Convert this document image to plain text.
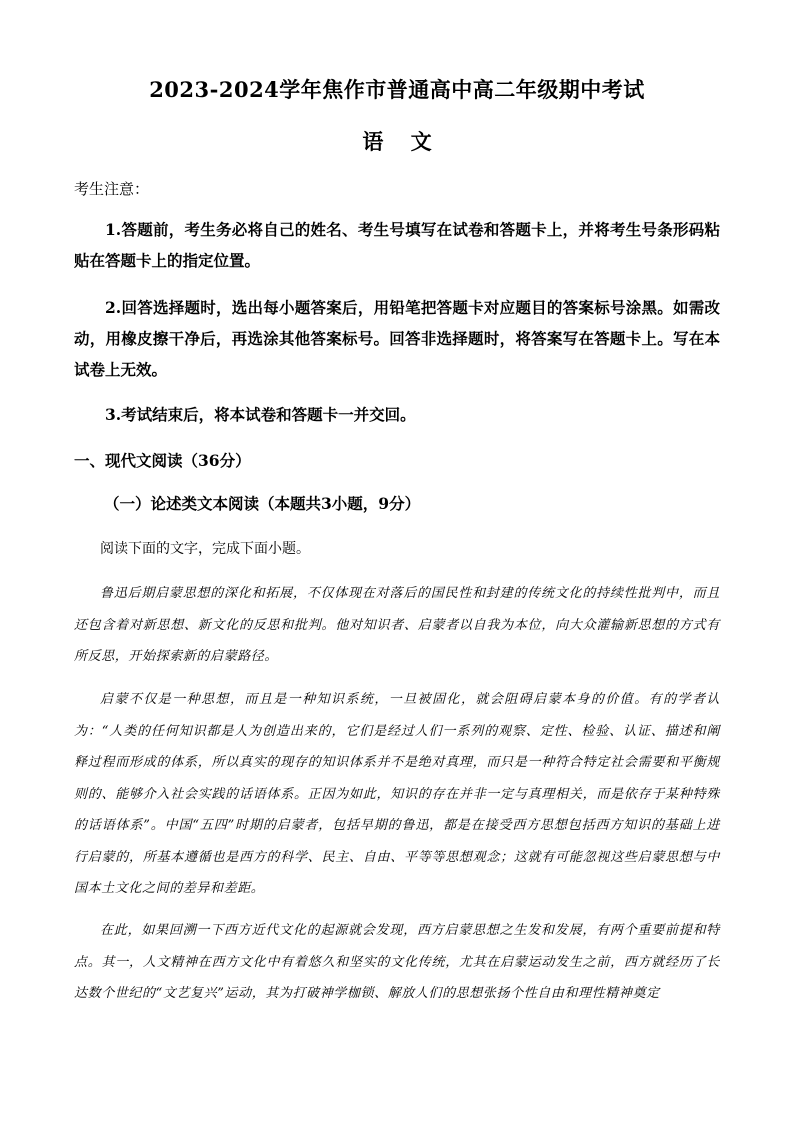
2023-2024学年焦作市普通高中高二年级期中考试
语 文
考生注意：

1.答题前，考生务必将自己的姓名、考生号填写在试卷和答题卡上，并将考生号条形码粘贴在答题卡上的指定位置。

2.回答选择题时，选出每小题答案后，用铅笔把答题卡对应题目的答案标号涂黑。如需改动，用橡皮擦干净后，再选涂其他答案标号。回答非选择题时，将答案写在答题卡上。写在本试卷上无效。

3.考试结束后，将本试卷和答题卡一并交回。

一、现代文阅读（36分）
（一）论述类文本阅读（本题共3小题，9分）
阅读下面的文字，完成下面小题。

鲁迅后期启蒙思想的深化和拓展，不仅体现在对落后的国民性和封建的传统文化的持续性批判中，而且还包含着对新思想、新文化的反思和批判。他对知识者、启蒙者以自我为本位，向大众灌输新思想的方式有所反思，开始探索新的启蒙路径。

启蒙不仅是一种思想，而且是一种知识系统，一旦被固化，就会阻碍启蒙本身的价值。有的学者认为：“人类的任何知识都是人为创造出来的，它们是经过人们一系列的观察、定性、检验、认证、描述和阐释过程而形成的体系，所以真实的现存的知识体系并不是绝对真理，而只是一种符合特定社会需要和平衡规则的、能够介入社会实践的话语体系。正因为如此，知识的存在并非一定与真理相关，而是依存于某种特殊的话语体系”。中国“五四”时期的启蒙者，包括早期的鲁迅，都是在接受西方思想包括西方知识的基础上进行启蒙的，所基本遵循也是西方的科学、民主、自由、平等等思想观念；这就有可能忽视这些启蒙思想与中国本土文化之间的差异和差距。

在此，如果回溯一下西方近代文化的起源就会发现，西方启蒙思想之生发和发展，有两个重要前提和特点。其一，人文精神在西方文化中有着悠久和坚实的文化传统，尤其在启蒙运动发生之前，西方就经历了长达数个世纪的“文艺复兴”运动，其为打破神学枷锁、解放人们的思想张扬个性自由和理性精神奠定
